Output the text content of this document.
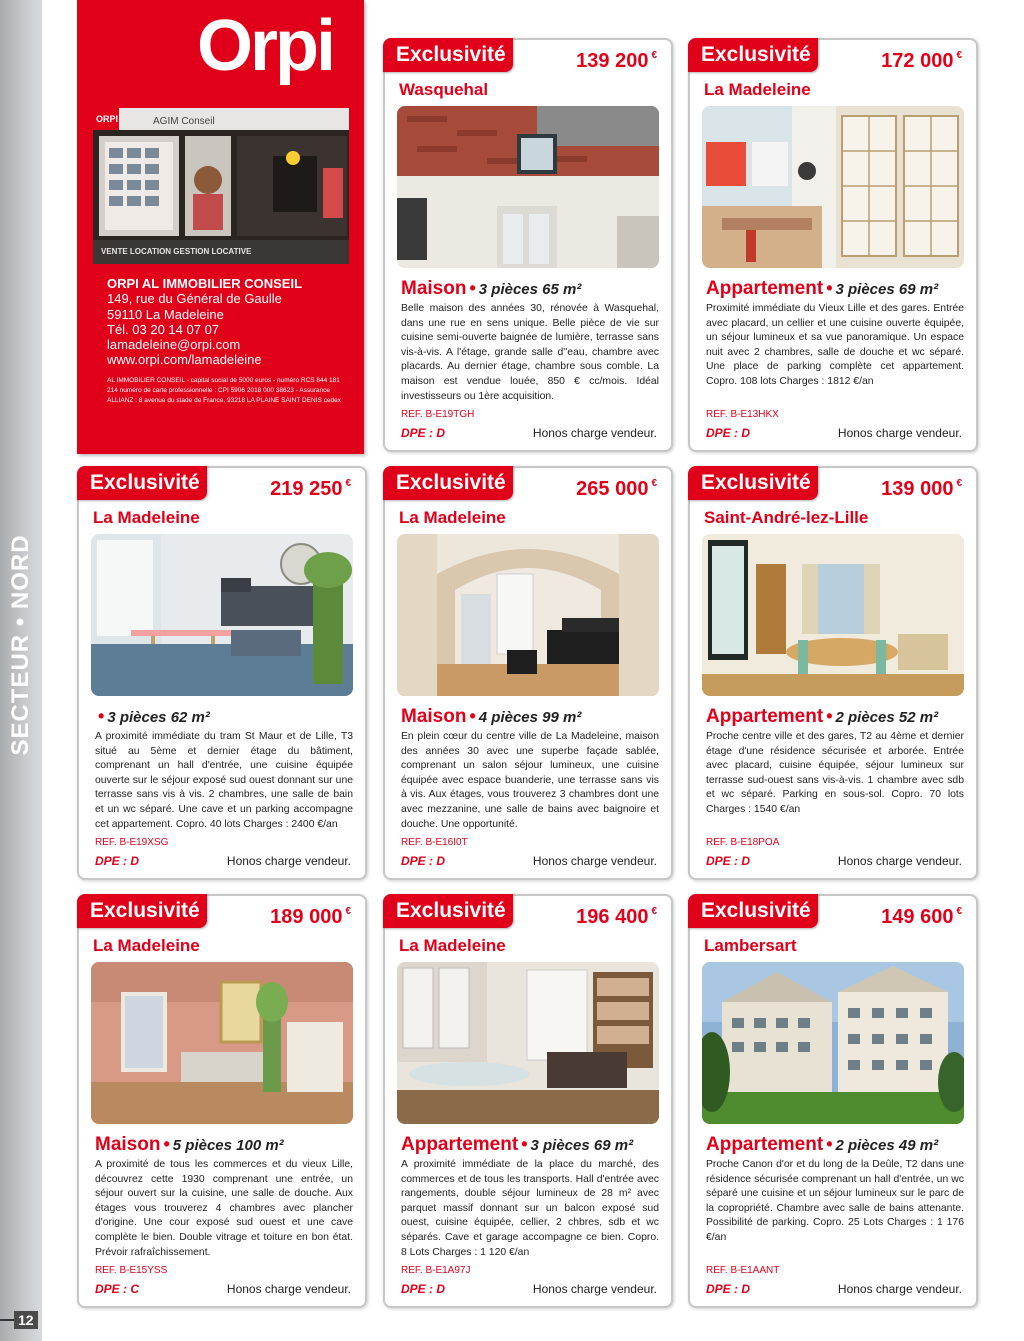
SECTEUR • NORD
12
Orpi
ORPI	AGIM Conseil
VENTE LOCATION GESTION LOCATIVE
ORPI AL IMMOBILIER CONSEIL
149, rue du Général de Gaulle
59110 La Madeleine
Tél. 03 20 14 07 07
lamadeleine@orpi.com
www.orpi.com/lamadeleine
AL IMMOBILIER CONSEIL - capital social de 5000 euros - numéro RCS 844 181 214 numéro de carte professionnelle : CPI 5906 2018 000 38623 - Assurance ALLIANZ : 8 avenue du stade de France, 93218 LA PLAINE SAINT DENIS cedex
Exclusivité	139 200 €
Wasquehal
Maison • 3 pièces 65 m²
Belle maison des années 30, rénovée à Wasquehal, dans une rue en sens unique. Belle pièce de vie sur cuisine semi-ouverte baignée de lumière, terrasse sans vis-à-vis. A l'étage, grande salle d''eau, chambre avec placards. Au dernier étage, chambre sous comble. La maison est vendue louée, 850 € cc/mois. Idéal investisseurs ou 1ère acquisition.
REF. B-E19TGH
DPE : D	Honos charge vendeur.
Exclusivité	172 000 €
La Madeleine
Appartement • 3 pièces 69 m²
Proximité immédiate du Vieux Lille et des gares. Entrée avec placard, un cellier et une cuisine ouverte équipée, un séjour lumineux et sa vue panoramique. Un espace nuit avec 2 chambres, salle de douche et wc séparé. Une place de parking complète cet appartement. Copro. 108 lots Charges : 1812 €/an
REF. B-E13HKX
DPE : D	Honos charge vendeur.
Exclusivité	219 250 €
La Madeleine
• 3 pièces 62 m²
A proximité immédiate du tram St Maur et de Lille, T3 situé au 5ème et dernier étage du bâtiment, comprenant un hall d'entrée, une cuisine équipée ouverte sur le séjour exposé sud ouest donnant sur une terrasse sans vis à vis. 2 chambres, une salle de bain et un wc séparé. Une cave et un parking accompagne cet appartement. Copro. 40 lots Charges : 2400 €/an
REF. B-E19XSG
DPE : D	Honos charge vendeur.
Exclusivité	265 000 €
La Madeleine
Maison • 4 pièces 99 m²
En plein cœur du centre ville de La Madeleine, maison des années 30 avec une superbe façade sablée, comprenant un salon séjour lumineux, une cuisine équipée avec espace buanderie, une terrasse sans vis à vis. Aux étages, vous trouverez 3 chambres dont une avec mezzanine, une salle de bains avec baignoire et douche. Une opportunité.
REF. B-E16I0T
DPE : D	Honos charge vendeur.
Exclusivité	139 000 €
Saint-André-lez-Lille
Appartement • 2 pièces 52 m²
Proche centre ville et des gares, T2 au 4ème et dernier étage d'une résidence sécurisée et arborée. Entrée avec placard, cuisine équipée, séjour lumineux sur terrasse sud-ouest sans vis-à-vis. 1 chambre avec sdb et wc séparé. Parking en sous-sol. Copro. 70 lots Charges : 1540 €/an
REF. B-E18POA
DPE : D	Honos charge vendeur.
Exclusivité	189 000 €
La Madeleine
Maison • 5 pièces 100 m²
A proximité de tous les commerces et du vieux Lille, découvrez cette 1930 comprenant une entrée, un séjour ouvert sur la cuisine, une salle de douche. Aux étages vous trouverez 4 chambres avec plancher d'origine. Une cour exposé sud ouest et une cave complète le bien. Double vitrage et toiture en bon état. Prévoir rafraîchissement.
REF. B-E15YSS
DPE : C	Honos charge vendeur.
Exclusivité	196 400 €
La Madeleine
Appartement • 3 pièces 69 m²
A proximité immédiate de la place du marché, des commerces et de tous les transports. Hall d'entrée avec rangements, double séjour lumineux de 28 m² avec parquet massif donnant sur un balcon exposé sud ouest, cuisine équipée, cellier, 2 chbres, sdb et wc séparés. Cave et garage accompagne ce bien. Copro. 8 Lots Charges : 1 120 €/an
REF. B-E1A97J
DPE : D	Honos charge vendeur.
Exclusivité	149 600 €
Lambersart
Appartement • 2 pièces 49 m²
Proche Canon d'or et du long de la Deûle, T2 dans une résidence sécurisée comprenant un hall d'entrée, un wc séparé une cuisine et un séjour lumineux sur le parc de la copropriété. Chambre avec salle de bains attenante. Possibilité de parking. Copro. 25 Lots Charges : 1 176 €/an
REF. B-E1AANT
DPE : D	Honos charge vendeur.
